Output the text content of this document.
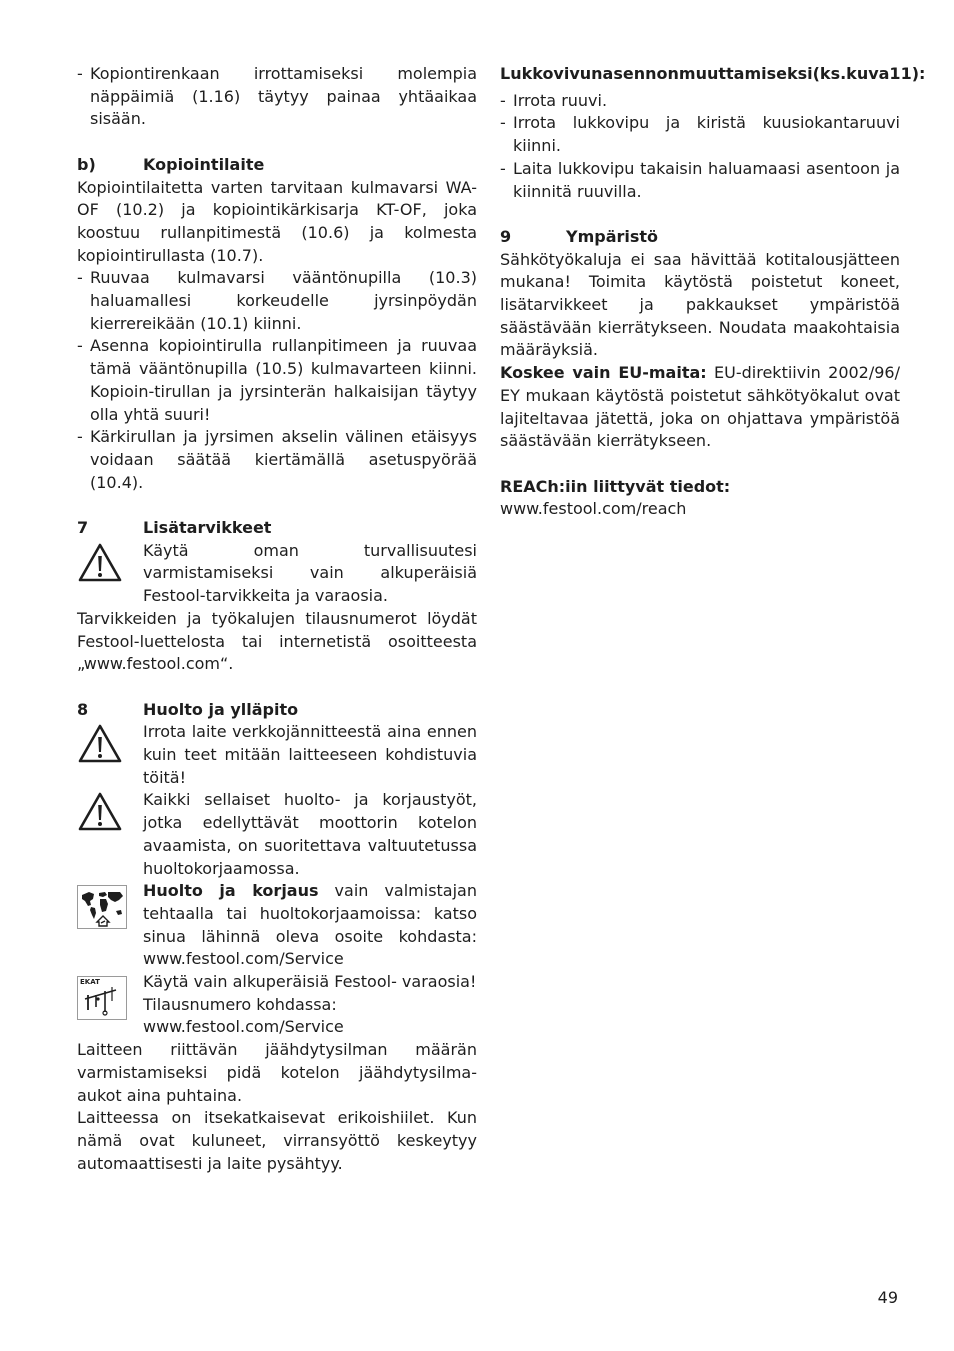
- Kopiontirenkaan irrottamiseksi molempia näppäimiä (1.16) täytyy painaa yhtäaikaa sisään.

b)	Kopiointilaite

Kopiointilaitetta varten tarvitaan kulmavarsi WA-OF (10.2) ja kopiointikärkisarja KT-OF, joka koostuu rullanpitimestä (10.6) ja kolmesta kopiointirullasta (10.7).

- Ruuvaa kulmavarsi vääntönupilla (10.3) haluamallesi korkeudelle jyrsinpöydän kierrereikään (10.1) kiinni.

- Asenna kopiointirulla rullanpitimeen ja ruuvaa tämä vääntönupilla (10.5) kulmavarteen kiinni. Kopioin-tirullan ja jyrsinterän halkaisijan täytyy olla yhtä suuri!

- Kärkirullan ja jyrsimen akselin välinen etäisyys voidaan säätää kiertämällä asetuspyörää (10.4).

7	Lisätarvikkeet

Käytä oman turvallisuutesi varmistamiseksi vain alkuperäisiä Festool-tarvikkeita ja varaosia.

Tarvikkeiden ja työkalujen tilausnumerot löydät Festool-luettelosta tai internetistä osoitteesta „www.festool.com“.

8	Huolto ja ylläpito

Irrota laite verkkojännitteestä aina ennen kuin teet mitään laitteeseen kohdistuvia töitä!

Kaikki sellaiset huolto- ja korjaustyöt, jotka edellyttävät moottorin kotelon avaamista, on suoritettava valtuutetussa huoltokorjaamossa.

Huolto ja korjaus vain valmistajan tehtaalla tai huoltokorjaamoissa: katso sinua lähinnä oleva osoite kohdasta: www.festool.com/Service

EKAT	Käytä vain alkuperäisiä Festool- varaosia!

Tilausnumero kohdassa:

www.festool.com/Service

Laitteen riittävän jäähdytysilman määrän varmistamiseksi pidä kotelon jäähdytysilma-aukot aina puhtaina.

Laitteessa on itsekatkaisevat erikoishiilet. Kun nämä ovat kuluneet, virransyöttö keskeytyy automaattisesti ja laite pysähtyy.

Lukkovivunasennonmuuttamiseksi(ks.kuva11):

- Irrota ruuvi.

- Irrota lukkovipu ja kiristä kuusiokantaruuvi kiinni.

- Laita lukkovipu takaisin haluamaasi asentoon ja kiinnitä ruuvilla.

9	Ympäristö

Sähkötyökaluja ei saa hävittää kotitalousjätteen mukana! Toimita käytöstä poistetut koneet, lisätarvikkeet ja pakkaukset ympäristöä säästävään kierrätykseen. Noudata maakohtaisia määräyksiä.

Koskee vain EU-maita: EU-direktiivin 2002/96/ EY mukaan käytöstä poistetut sähkötyökalut ovat lajiteltavaa jätettä, joka on ohjattava ympäristöä säästävään kierrätykseen.

REACh:iin liittyvät tiedot:

www.festool.com/reach

49
